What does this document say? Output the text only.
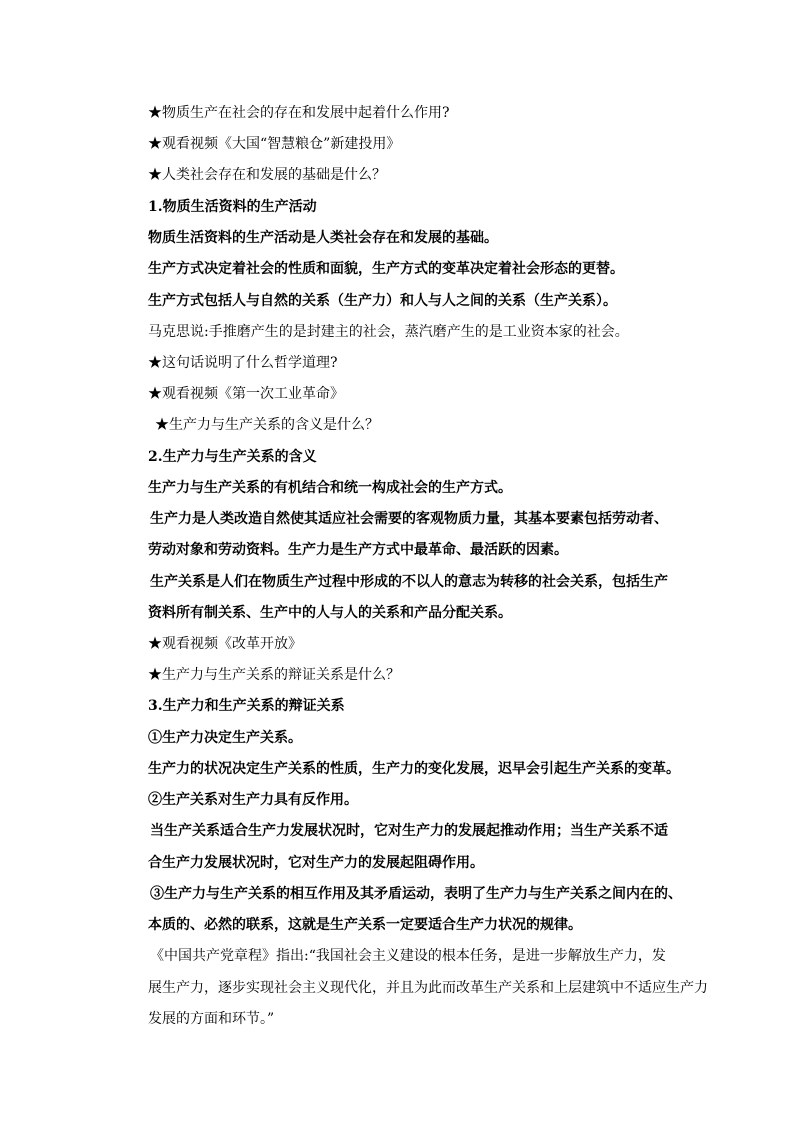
★物质生产在社会的存在和发展中起着什么作用?
★观看视频《大国“智慧粮仓”新建投用》
★人类社会存在和发展的基础是什么？
1.物质生活资料的生产活动
物质生活资料的生产活动是人类社会存在和发展的基础。
生产方式决定着社会的性质和面貌，生产方式的变革决定着社会形态的更替。
生产方式包括人与自然的关系（生产力）和人与人之间的关系（生产关系）。
马克思说:手推磨产生的是封建主的社会，蒸汽磨产生的是工业资本家的社会。
★这句话说明了什么哲学道理?
★观看视频《第一次工业革命》
★生产力与生产关系的含义是什么？
2.生产力与生产关系的含义
生产力与生产关系的有机结合和统一构成社会的生产方式。
生产力是人类改造自然使其适应社会需要的客观物质力量，其基本要素包括劳动者、
劳动对象和劳动资料。生产力是生产方式中最革命、最活跃的因素。
生产关系是人们在物质生产过程中形成的不以人的意志为转移的社会关系，包括生产
资料所有制关系、生产中的人与人的关系和产品分配关系。
★观看视频《改革开放》
★生产力与生产关系的辩证关系是什么？
3.生产力和生产关系的辩证关系
①生产力决定生产关系。
生产力的状况决定生产关系的性质，生产力的变化发展，迟早会引起生产关系的变革。
②生产关系对生产力具有反作用。
当生产关系适合生产力发展状况时，它对生产力的发展起推动作用；当生产关系不适
合生产力发展状况时，它对生产力的发展起阻碍作用。
③生产力与生产关系的相互作用及其矛盾运动，表明了生产力与生产关系之间内在的、
本质的、必然的联系，这就是生产关系一定要适合生产力状况的规律。
《中国共产党章程》指出:“我国社会主义建设的根本任务，是进一步解放生产力，发
展生产力，逐步实现社会主义现代化，并且为此而改革生产关系和上层建筑中不适应生产力
发展的方面和环节。”
